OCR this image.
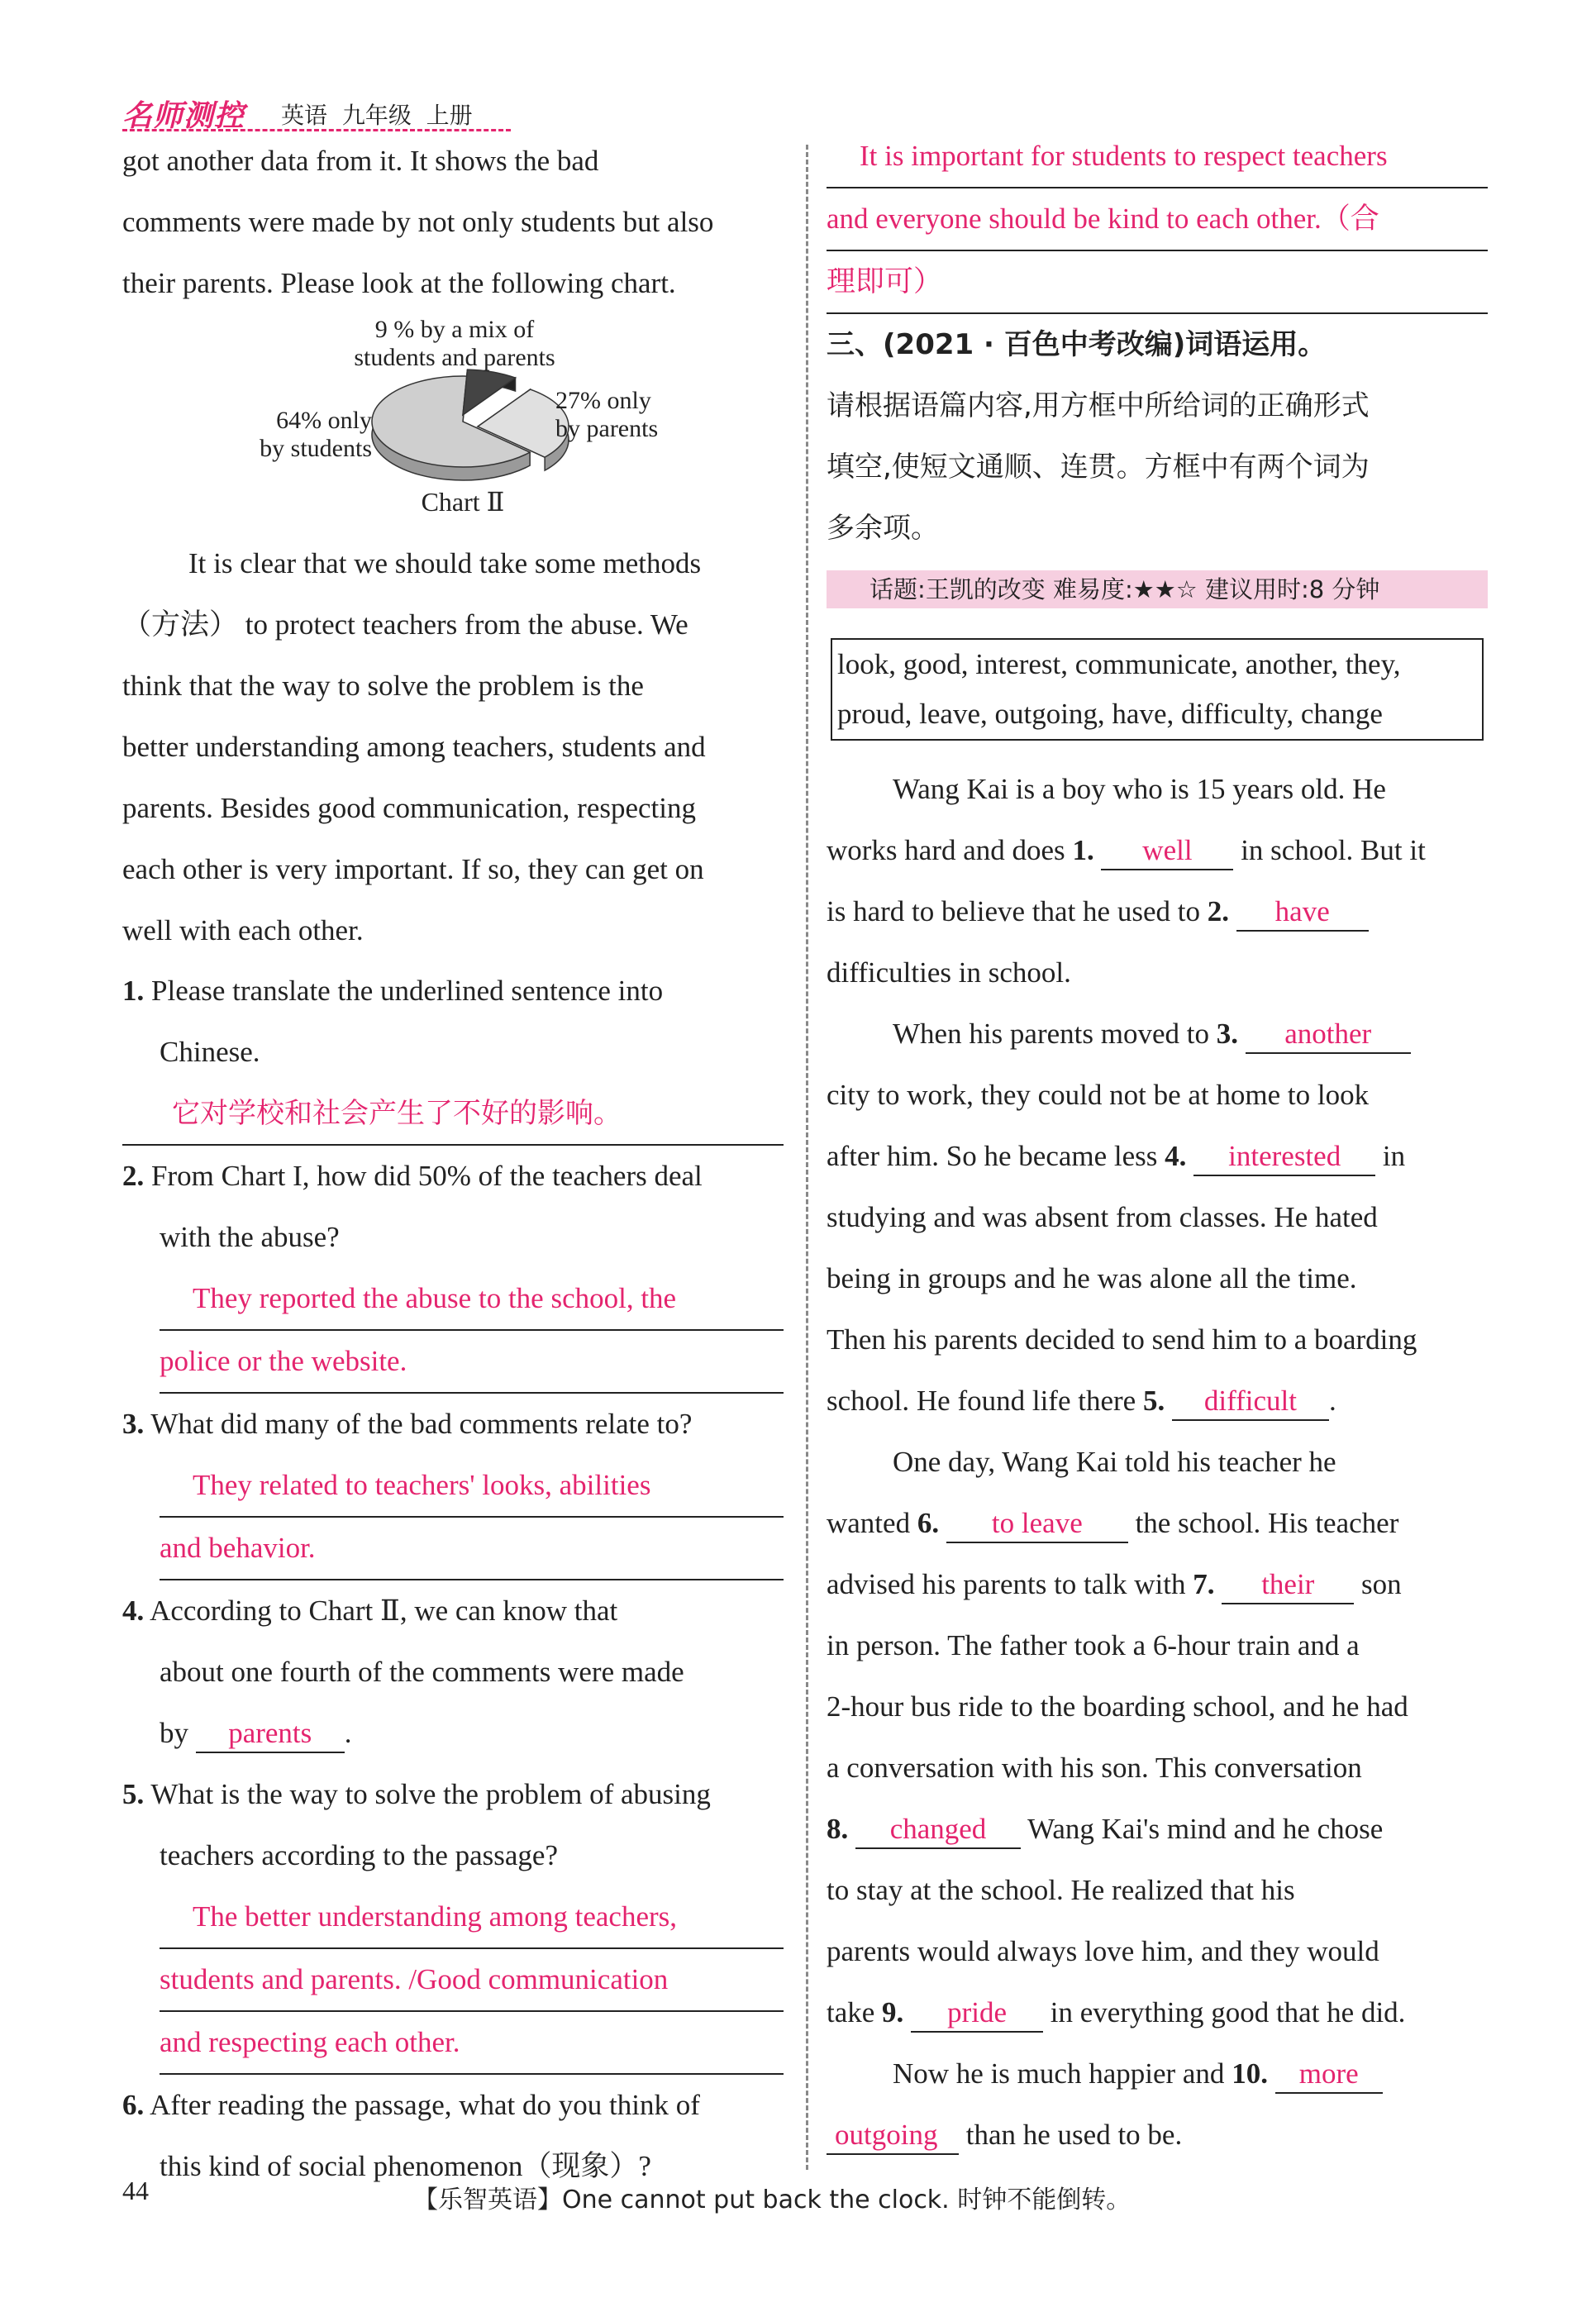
名师测控 英语 九年级 上册
got another data from it. It shows the bad
comments were made by not only students but also
their parents. Please look at the following chart.
9 % by a mix of
students and parents
64% only
by students
27% only
by parents
Chart Ⅱ
It is clear that we should take some methods
（方法） to protect teachers from the abuse. We
think that the way to solve the problem is the
better understanding among teachers, students and
parents. Besides good communication, respecting
each other is very important. If so, they can get on
well with each other.
1. Please translate the underlined sentence into
Chinese.
它对学校和社会产生了不好的影响。
2. From Chart I, how did 50% of the teachers deal
with the abuse?
They reported the abuse to the school, the
police or the website.
3. What did many of the bad comments relate to?
They related to teachers' looks, abilities
and behavior.
4. According to Chart Ⅱ, we can know that
about one fourth of the comments were made
by parents .
5. What is the way to solve the problem of abusing
teachers according to the passage?
The better understanding among teachers,
students and parents. /Good communication
and respecting each other.
6. After reading the passage, what do you think of
this kind of social phenomenon（现象）?
It is important for students to respect teachers
and everyone should be kind to each other.（合
理即可）
三、(2021 · 百色中考改编)词语运用。
请根据语篇内容,用方框中所给词的正确形式
填空,使短文通顺、连贯。方框中有两个词为
多余项。
话题:王凯的改变 难易度:★★☆ 建议用时:8 分钟
look, good, interest, communicate, another, they,
proud, leave, outgoing, have, difficulty, change
Wang Kai is a boy who is 15 years old. He
works hard and does 1. well in school. But it
is hard to believe that he used to 2. have
difficulties in school.
When his parents moved to 3. another
city to work, they could not be at home to look
after him. So he became less 4. interested in
studying and was absent from classes. He hated
being in groups and he was alone all the time.
Then his parents decided to send him to a boarding
school. He found life there 5. difficult .
One day, Wang Kai told his teacher he
wanted 6. to leave the school. His teacher
advised his parents to talk with 7. their son
in person. The father took a 6-hour train and a
2-hour bus ride to the boarding school, and he had
a conversation with his son. This conversation
8. changed Wang Kai's mind and he chose
to stay at the school. He realized that his
parents would always love him, and they would
take 9. pride in everything good that he did.
Now he is much happier and 10. more
outgoing than he used to be.
44	【乐智英语】One cannot put back the clock. 时钟不能倒转。
